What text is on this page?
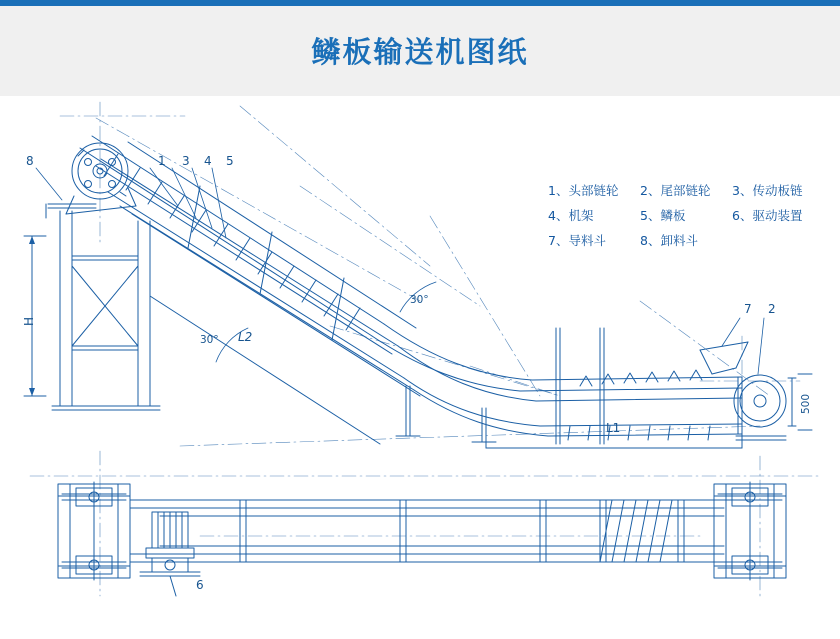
鳞板输送机图纸
1、头部链轮 2、尾部链轮 3、传动板链
4、机架	5、鳞板	6、驱动装置
7、导料斗	8、卸料斗
8	1 3 4 5
7 2
6
H
L2
L1
500
30°
30°
